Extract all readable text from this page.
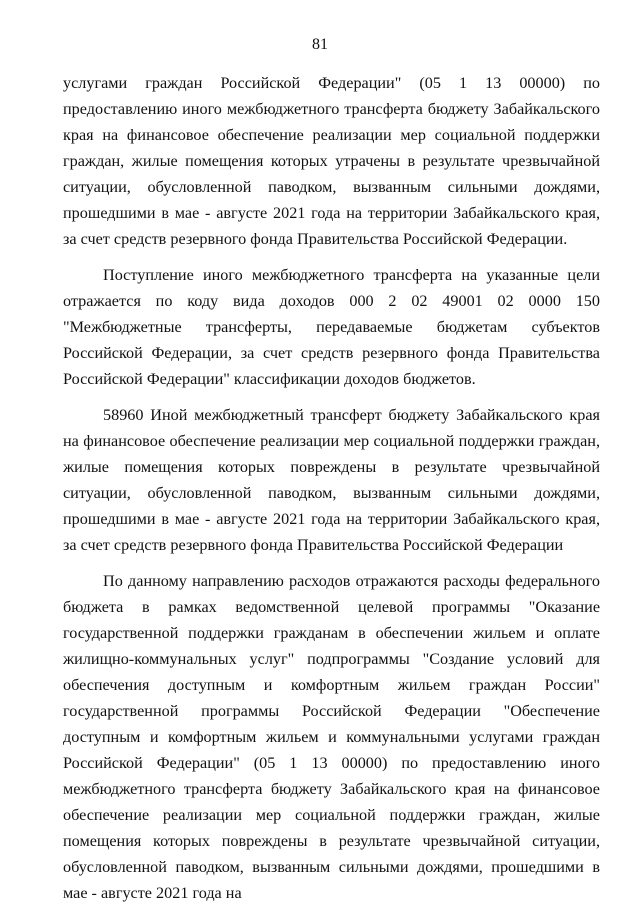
81

услугами граждан Российской Федерации" (05 1 13 00000) по предоставлению иного межбюджетного трансферта бюджету Забайкальского края на финансовое обеспечение реализации мер социальной поддержки граждан, жилые помещения которых утрачены в результате чрезвычайной ситуации, обусловленной паводком, вызванным сильными дождями, прошедшими в мае - августе 2021 года на территории Забайкальского края, за счет средств резервного фонда Правительства Российской Федерации.

Поступление иного межбюджетного трансферта на указанные цели отражается по коду вида доходов 000 2 02 49001 02 0000 150 "Межбюджетные трансферты, передаваемые бюджетам субъектов Российской Федерации, за счет средств резервного фонда Правительства Российской Федерации" классификации доходов бюджетов.

58960 Иной межбюджетный трансферт бюджету Забайкальского края на финансовое обеспечение реализации мер социальной поддержки граждан, жилые помещения которых повреждены в результате чрезвычайной ситуации, обусловленной паводком, вызванным сильными дождями, прошедшими в мае - августе 2021 года на территории Забайкальского края, за счет средств резервного фонда Правительства Российской Федерации

По данному направлению расходов отражаются расходы федерального бюджета в рамках ведомственной целевой программы "Оказание государственной поддержки гражданам в обеспечении жильем и оплате жилищно-коммунальных услуг" подпрограммы "Создание условий для обеспечения доступным и комфортным жильем граждан России" государственной программы Российской Федерации "Обеспечение доступным и комфортным жильем и коммунальными услугами граждан Российской Федерации" (05 1 13 00000) по предоставлению иного межбюджетного трансферта бюджету Забайкальского края на финансовое обеспечение реализации мер социальной поддержки граждан, жилые помещения которых повреждены в результате чрезвычайной ситуации, обусловленной паводком, вызванным сильными дождями, прошедшими в мае - августе 2021 года на
